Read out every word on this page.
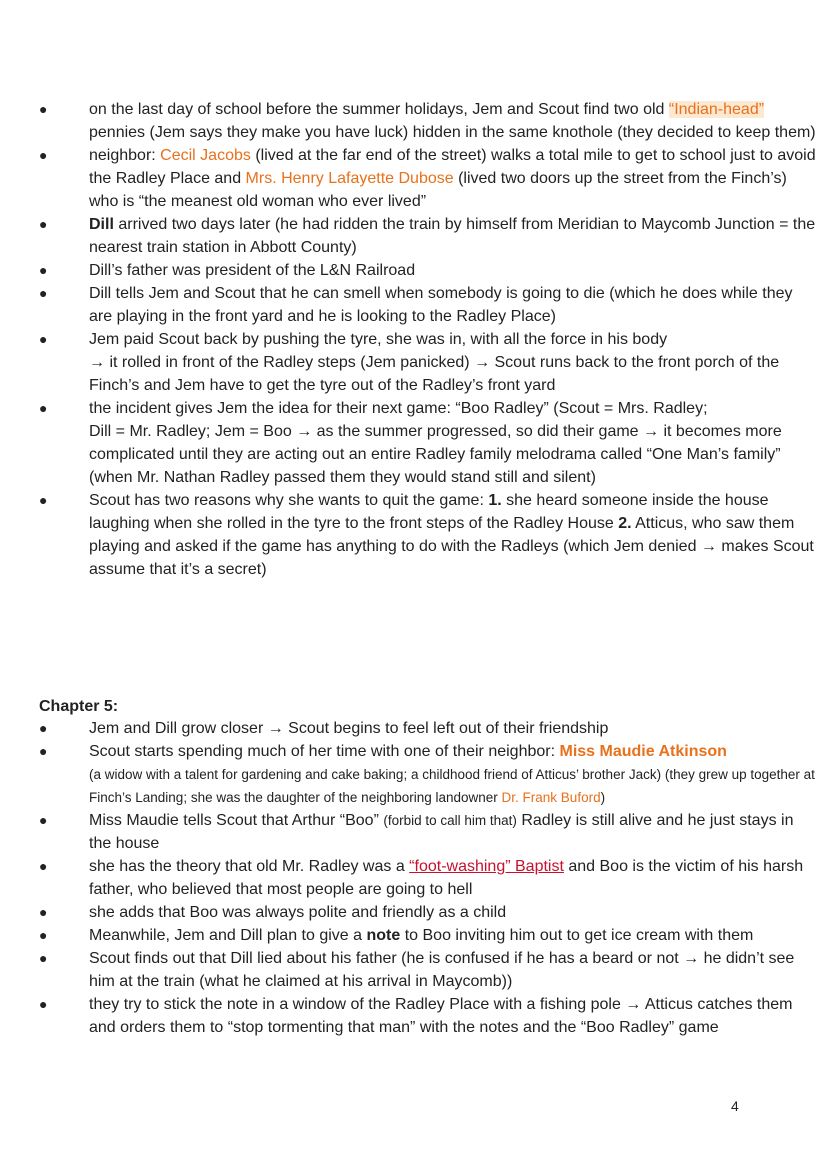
●	on the last day of school before the summer holidays, Jem and Scout find two old “Indian-head” pennies (Jem says they make you have luck) hidden in the same knothole (they decided to keep them)
●	neighbor: Cecil Jacobs (lived at the far end of the street) walks a total mile to get to school just to avoid the Radley Place and Mrs. Henry Lafayette Dubose (lived two doors up the street from the Finch’s) who is “the meanest old woman who ever lived”
●	Dill arrived two days later (he had ridden the train by himself from Meridian to Maycomb Junction = the nearest train station in Abbott County)
●	Dill’s father was president of the L&N Railroad
●	Dill tells Jem and Scout that he can smell when somebody is going to die (which he does while they are playing in the front yard and he is looking to the Radley Place)
●	Jem paid Scout back by pushing the tyre, she was in, with all the force in his body
→ it rolled in front of the Radley steps (Jem panicked) → Scout runs back to the front porch of the Finch’s and Jem have to get the tyre out of the Radley’s front yard
●	the incident gives Jem the idea for their next game: “Boo Radley” (Scout = Mrs. Radley;
Dill = Mr. Radley; Jem = Boo → as the summer progressed, so did their game → it becomes more complicated until they are acting out an entire Radley family melodrama called “One Man’s family” (when Mr. Nathan Radley passed them they would stand still and silent)
●	Scout has two reasons why she wants to quit the game: 1. she heard someone inside the house laughing when she rolled in the tyre to the front steps of the Radley House 2. Atticus, who saw them playing and asked if the game has anything to do with the Radleys (which Jem denied → makes Scout assume that it’s a secret)
Chapter 5:
●	Jem and Dill grow closer → Scout begins to feel left out of their friendship
●	Scout starts spending much of her time with one of their neighbor: Miss Maudie Atkinson
(a widow with a talent for gardening and cake baking; a childhood friend of Atticus’ brother Jack) (they grew up together at Finch’s Landing; she was the daughter of the neighboring landowner Dr. Frank Buford)
●	Miss Maudie tells Scout that Arthur “Boo” (forbid to call him that) Radley is still alive and he just stays in the house
●	she has the theory that old Mr. Radley was a “foot-washing” Baptist and Boo is the victim of his harsh father, who believed that most people are going to hell
●	she adds that Boo was always polite and friendly as a child
●	Meanwhile, Jem and Dill plan to give a note to Boo inviting him out to get ice cream with them
●	Scout finds out that Dill lied about his father (he is confused if he has a beard or not → he didn’t see him at the train (what he claimed at his arrival in Maycomb))
●	they try to stick the note in a window of the Radley Place with a fishing pole → Atticus catches them and orders them to “stop tormenting that man” with the notes and the “Boo Radley” game
4
